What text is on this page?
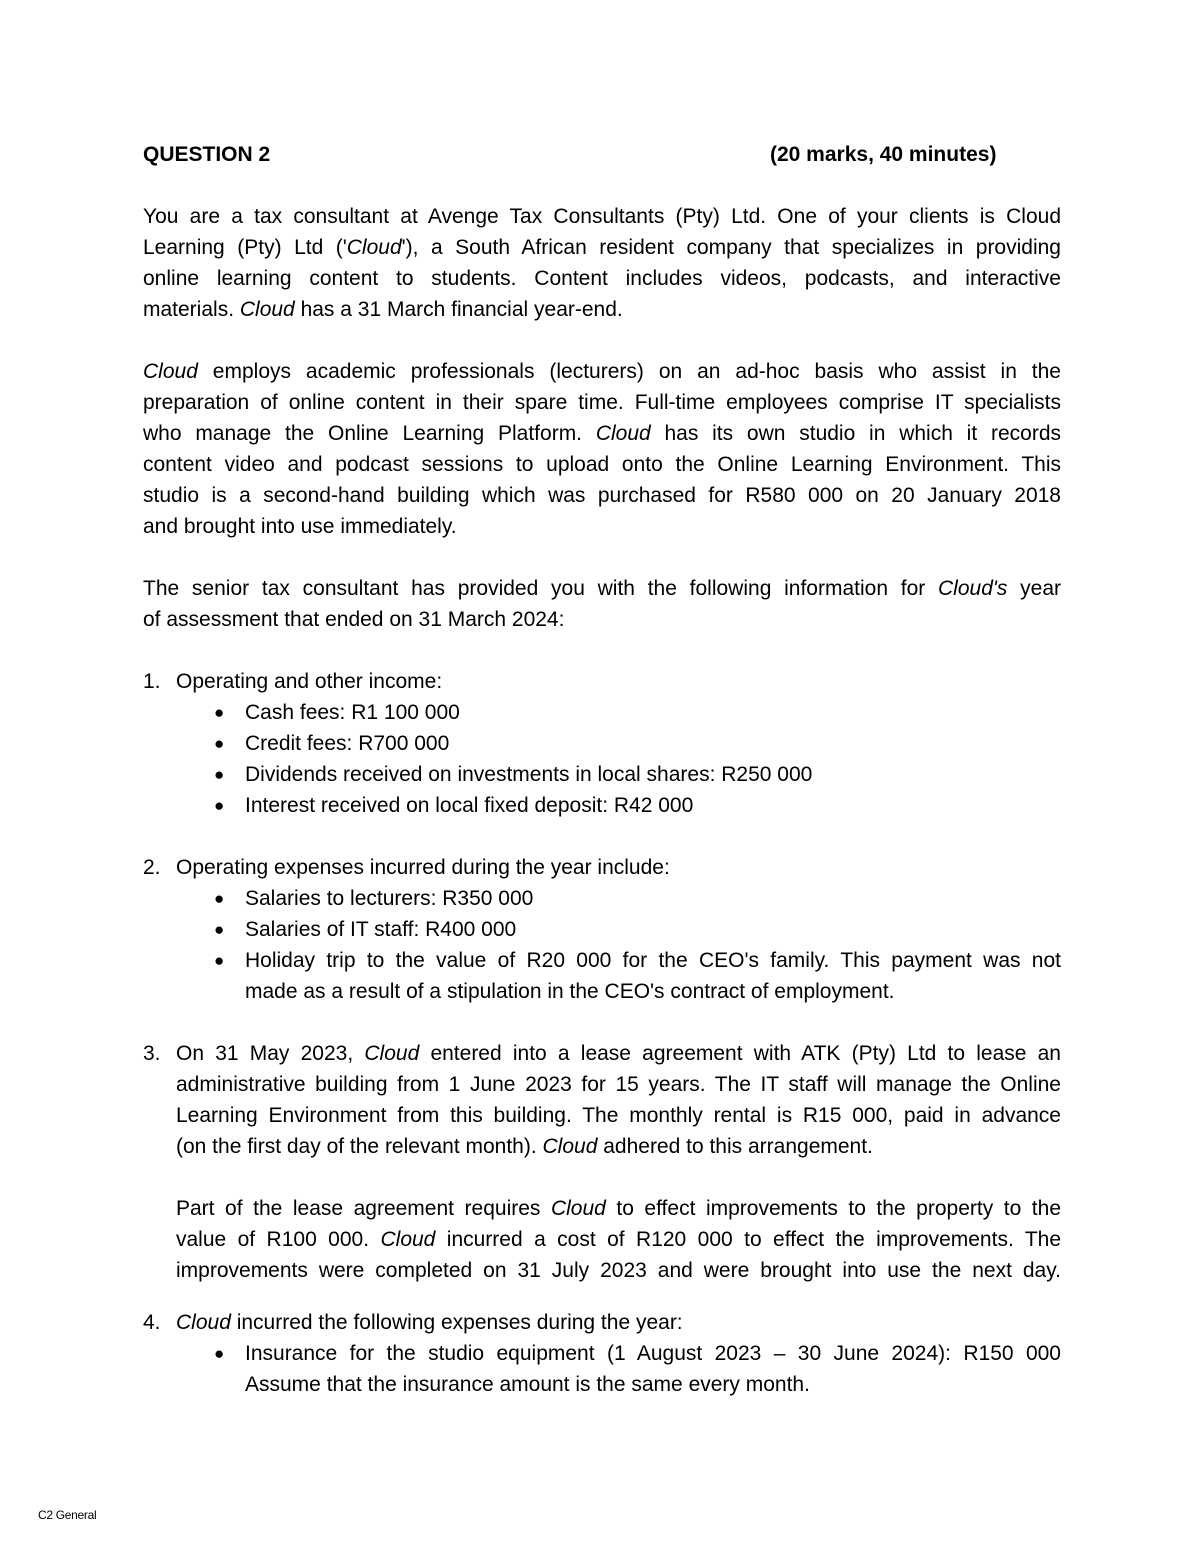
QUESTION 2	(20 marks, 40 minutes)
You are a tax consultant at Avenge Tax Consultants (Pty) Ltd. One of your clients is Cloud
Learning (Pty) Ltd ('Cloud'), a South African resident company that specializes in providing
online learning content to students. Content includes videos, podcasts, and interactive
materials. Cloud has a 31 March financial year-end.
Cloud employs academic professionals (lecturers) on an ad-hoc basis who assist in the
preparation of online content in their spare time. Full-time employees comprise IT specialists
who manage the Online Learning Platform. Cloud has its own studio in which it records
content video and podcast sessions to upload onto the Online Learning Environment. This
studio is a second-hand building which was purchased for R580 000 on 20 January 2018
and brought into use immediately.
The senior tax consultant has provided you with the following information for Cloud's year
of assessment that ended on 31 March 2024:
1. Operating and other income:
● Cash fees: R1 100 000
● Credit fees: R700 000
● Dividends received on investments in local shares: R250 000
● Interest received on local fixed deposit: R42 000
2. Operating expenses incurred during the year include:
● Salaries to lecturers: R350 000
● Salaries of IT staff: R400 000
● Holiday trip to the value of R20 000 for the CEO's family. This payment was not
made as a result of a stipulation in the CEO's contract of employment.
3. On 31 May 2023, Cloud entered into a lease agreement with ATK (Pty) Ltd to lease an
administrative building from 1 June 2023 for 15 years. The IT staff will manage the Online
Learning Environment from this building. The monthly rental is R15 000, paid in advance
(on the first day of the relevant month). Cloud adhered to this arrangement.
Part of the lease agreement requires Cloud to effect improvements to the property to the
value of R100 000. Cloud incurred a cost of R120 000 to effect the improvements. The
improvements were completed on 31 July 2023 and were brought into use the next day.
4. Cloud incurred the following expenses during the year:
● Insurance for the studio equipment (1 August 2023 – 30 June 2024): R150 000
Assume that the insurance amount is the same every month.
C2 General
